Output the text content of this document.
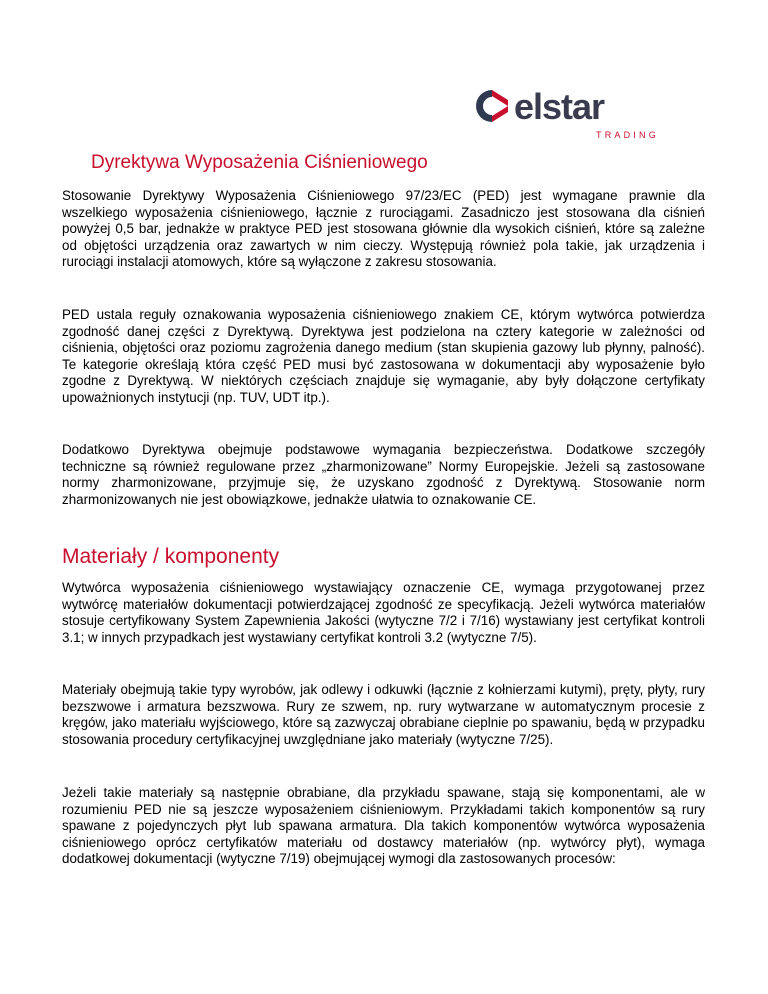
elstar
TRADING
Dyrektywa Wyposażenia Ciśnieniowego

Stosowanie Dyrektywy Wyposażenia Ciśnieniowego 97/23/EC (PED) jest wymagane prawnie dla wszelkiego wyposażenia ciśnieniowego, łącznie z rurociągami. Zasadniczo jest stosowana dla ciśnień powyżej 0,5 bar, jednakże w praktyce PED jest stosowana głównie dla wysokich ciśnień, które są zależne od objętości urządzenia oraz zawartych w nim cieczy. Występują również pola takie, jak urządzenia i rurociągi instalacji atomowych, które są wyłączone z zakresu stosowania.

PED ustala reguły oznakowania wyposażenia ciśnieniowego znakiem CE, którym wytwórca potwierdza zgodność danej części z Dyrektywą. Dyrektywa jest podzielona na cztery kategorie w zależności od ciśnienia, objętości oraz poziomu zagrożenia danego medium (stan skupienia gazowy lub płynny, palność). Te kategorie określają która część PED musi być zastosowana w dokumentacji aby wyposażenie było zgodne z Dyrektywą. W niektórych częściach znajduje się wymaganie, aby były dołączone certyfikaty upoważnionych instytucji (np. TUV, UDT itp.).

Dodatkowo Dyrektywa obejmuje podstawowe wymagania bezpieczeństwa. Dodatkowe szczegóły techniczne są również regulowane przez „zharmonizowane” Normy Europejskie. Jeżeli są zastosowane normy zharmonizowane, przyjmuje się, że uzyskano zgodność z Dyrektywą. Stosowanie norm zharmonizowanych nie jest obowiązkowe, jednakże ułatwia to oznakowanie CE.

Materiały / komponenty

Wytwórca wyposażenia ciśnieniowego wystawiający oznaczenie CE, wymaga przygotowanej przez wytwórcę materiałów dokumentacji potwierdzającej zgodność ze specyfikacją. Jeżeli wytwórca materiałów stosuje certyfikowany System Zapewnienia Jakości (wytyczne 7/2 i 7/16) wystawiany jest certyfikat kontroli 3.1; w innych przypadkach jest wystawiany certyfikat kontroli 3.2 (wytyczne 7/5).

Materiały obejmują takie typy wyrobów, jak odlewy i odkuwki (łącznie z kołnierzami kutymi), pręty, płyty, rury bezszwowe i armatura bezszwowa. Rury ze szwem, np. rury wytwarzane w automatycznym procesie z kręgów, jako materiału wyjściowego, które są zazwyczaj obrabiane cieplnie po spawaniu, będą w przypadku stosowania procedury certyfikacyjnej uwzględniane jako materiały (wytyczne 7/25).

Jeżeli takie materiały są następnie obrabiane, dla przykładu spawane, stają się komponentami, ale w rozumieniu PED nie są jeszcze wyposażeniem ciśnieniowym. Przykładami takich komponentów są rury spawane z pojedynczych płyt lub spawana armatura. Dla takich komponentów wytwórca wyposażenia ciśnieniowego oprócz certyfikatów materiału od dostawcy materiałów (np. wytwórcy płyt), wymaga dodatkowej dokumentacji (wytyczne 7/19) obejmującej wymogi dla zastosowanych procesów:
